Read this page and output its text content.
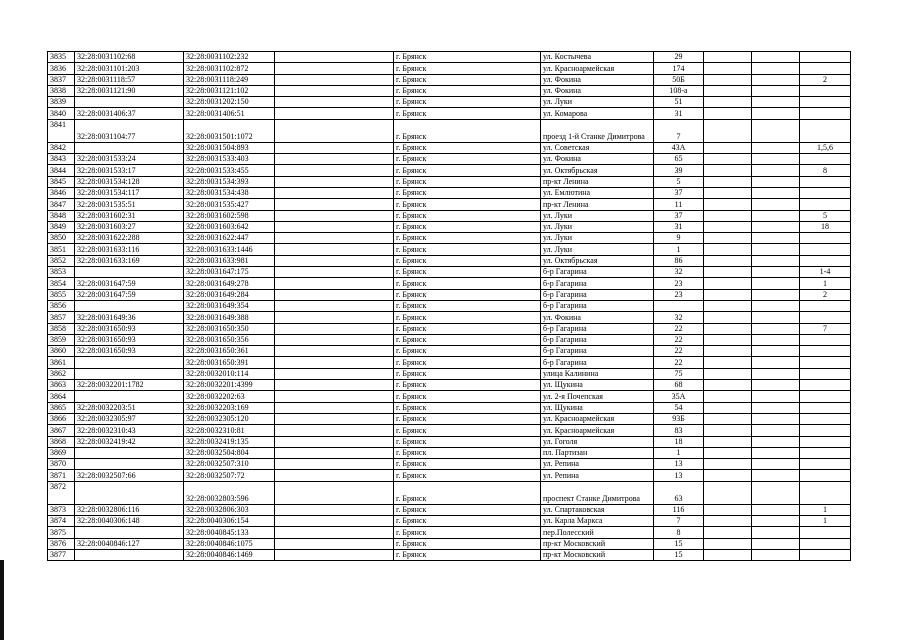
3835	32:28:0031102:68	32:28:0031102:232		г. Брянск	ул. Костычева	29			
3836	32:28:0031101:203	32:28:0031102:872		г. Брянск	ул. Красноармейская	174			
3837	32:28:0031118:57	32:28:0031118:249		г. Брянск	ул. Фокина	50Б			2
3838	32:28:0031121:90	32:28:0031121:102		г. Брянск	ул. Фокина	108-а			
3839		32:28:0031202:150		г. Брянск	ул. Луки	51			
3840	32:28:0031406:37	32:28:0031406:51		г. Брянск	ул. Комарова	31			
3841	32:28:0031104:77	32:28:0031501:1072		г. Брянск	проезд 1-й Станке Димитрова	7			
3842		32:28:0031504:893		г. Брянск	ул. Советская	43А			1,5,6
3843	32:28:0031533:24	32:28:0031533:403		г. Брянск	ул. Фокина	65			
3844	32:28:0031533:17	32:28:0031533:455		г. Брянск	ул. Октябрьская	39			8
3845	32:28:0031534:128	32:28:0031534:393		г. Брянск	пр-кт Ленина	5			
3846	32:28:0031534:117	32:28:0031534:438		г. Брянск	ул. Емлютина	37			
3847	32:28:0031535:51	32:28:0031535:427		г. Брянск	пр-кт Ленина	11			
3848	32:28:0031602:31	32:28:0031602:598		г. Брянск	ул. Луки	37			5
3849	32:28:0031603:27	32:28:0031603:642		г. Брянск	ул. Луки	31			18
3850	32:28:0031622:288	32:28:0031622:447		г. Брянск	ул. Луки	9			
3851	32:28:0031633:116	32:28:0031633:1446		г. Брянск	ул. Луки	1			
3852	32:28:0031633:169	32:28:0031633:981		г. Брянск	ул. Октябрьская	86			
3853		32:28:0031647:175		г. Брянск	б-р Гагарина	32			1-4
3854	32:28:0031647:59	32:28:0031649:278		г. Брянск	б-р Гагарина	23			1
3855	32:28:0031647:59	32:28:0031649:284		г. Брянск	б-р Гагарина	23			2
3856		32:28:0031649:354		г. Брянск	б-р Гагарина				
3857	32:28:0031649:36	32:28:0031649:388		г. Брянск	ул. Фокина	32			
3858	32:28:0031650:93	32:28:0031650:350		г. Брянск	б-р Гагарина	22			7
3859	32:28:0031650:93	32:28:0031650:356		г. Брянск	б-р Гагарина	22			
3860	32:28:0031650:93	32:28:0031650:361		г. Брянск	б-р Гагарина	22			
3861		32:28:0031650:391		г. Брянск	б-р Гагарина	22			
3862		32:28:0032010:114		г. Брянск	улица Калинина	75			
3863	32:28:0032201:1782	32:28:0032201:4399		г. Брянск	ул. Щукина	68			
3864		32:28:0032202:63		г. Брянск	ул. 2-я Почепская	35А			
3865	32:28:0032203:51	32:28:0032203:169		г. Брянск	ул. Щукина	54			
3866	32:28:0032305:97	32:28:0032305:120		г. Брянск	ул. Красноармейская	93Б			
3867	32:28:0032310:43	32:28:0032310:81		г. Брянск	ул. Красноармейская	83			
3868	32:28:0032419:42	32:28:0032419:135		г. Брянск	ул. Гоголя	18			
3869		32:28:0032504:804		г. Брянск	пл. Партизан	1			
3870		32:28:0032507:310		г. Брянск	ул. Репина	13			
3871	32:28:0032507:66	32:28:0032507:72		г. Брянск	ул. Репина	13			
3872		32:28:0032803:596		г. Брянск	проспект Станке Димитрова	63			
3873	32:28:0032806:116	32:28:0032806:303		г. Брянск	ул. Спартаковская	116			1
3874	32:28:0040306:148	32:28:0040306:154		г. Брянск	ул. Карла Маркса	7			1
3875		32:28:0040845:133		г. Брянск	пер.Полесский	8			
3876	32:28:0040846:127	32:28:0040846:1075		г. Брянск	пр-кт Московский	15			
3877		32:28:0040846:1469		г. Брянск	пр-кт Московский	15			
